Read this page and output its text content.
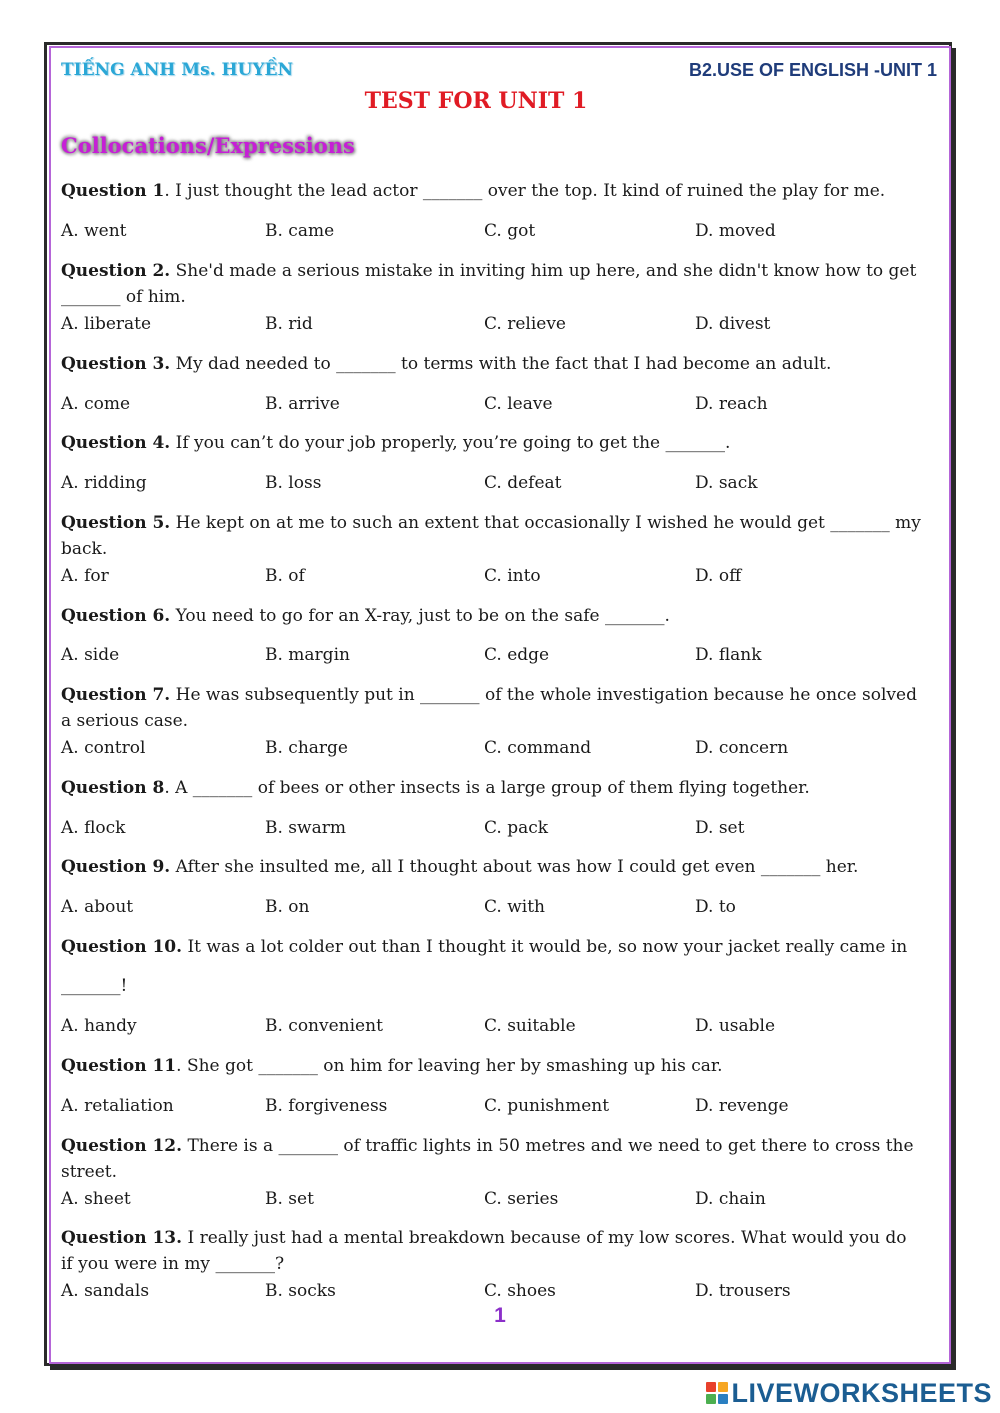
TIẾNG ANH Ms. HUYỀN	B2.USE OF ENGLISH -UNIT 1
TEST FOR UNIT 1
Collocations/Expressions
Question 1. I just thought the lead actor _______ over the top. It kind of ruined the play for me.
A. went	B. came	C. got	D. moved
Question 2. She'd made a serious mistake in inviting him up here, and she didn't know how to get _______ of him.
A. liberate	B. rid	C. relieve	D. divest
Question 3. My dad needed to _______ to terms with the fact that I had become an adult.
A. come	B. arrive	C. leave	D. reach
Question 4. If you can’t do your job properly, you’re going to get the _______.
A. ridding	B. loss	C. defeat	D. sack
Question 5. He kept on at me to such an extent that occasionally I wished he would get _______ my back.
A. for	B. of	C. into	D. off
Question 6. You need to go for an X-ray, just to be on the safe _______.
A. side	B. margin	C. edge	D. flank
Question 7. He was subsequently put in _______ of the whole investigation because he once solved a serious case.
A. control	B. charge	C. command	D. concern
Question 8. A _______ of bees or other insects is a large group of them flying together.
A. flock	B. swarm	C. pack	D. set
Question 9. After she insulted me, all I thought about was how I could get even _______ her.
A. about	B. on	C. with	D. to
Question 10. It was a lot colder out than I thought it would be, so now your jacket really came in
_______!
A. handy	B. convenient	C. suitable	D. usable
Question 11. She got _______ on him for leaving her by smashing up his car.
A. retaliation	B. forgiveness	C. punishment	D. revenge
Question 12. There is a _______ of traffic lights in 50 metres and we need to get there to cross the street.
A. sheet	B. set	C. series	D. chain
Question 13. I really just had a mental breakdown because of my low scores. What would you do if you were in my _______?
A. sandals	B. socks	C. shoes	D. trousers
1
LIVEWORKSHEETS
